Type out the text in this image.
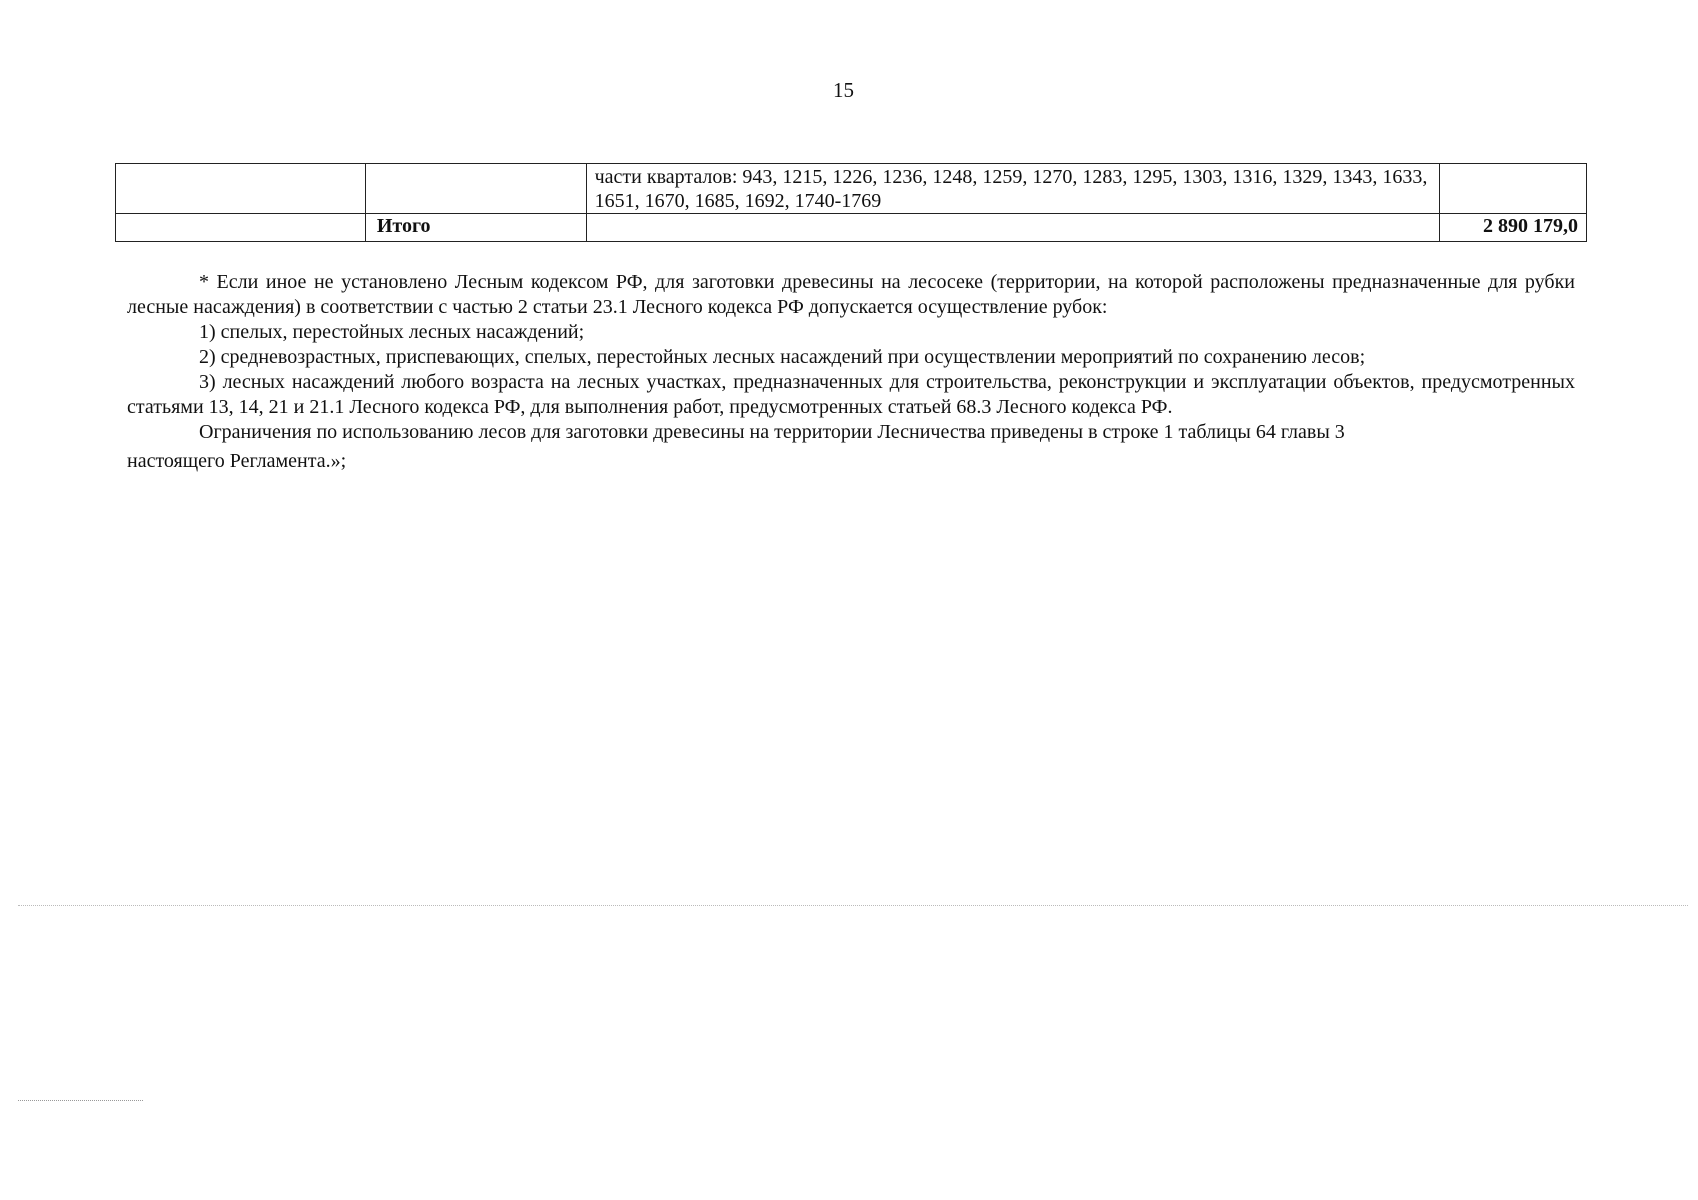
15
		части кварталов: 943, 1215, 1226, 1236, 1248, 1259, 1270, 1283, 1295, 1303, 1316, 1329, 1343, 1633, 1651, 1670, 1685, 1692, 1740-1769	
	Итого		2 890 179,0

* Если иное не установлено Лесным кодексом РФ, для заготовки древесины на лесосеке (территории, на которой расположены предназначенные для рубки лесные насаждения) в соответствии с частью 2 статьи 23.1 Лесного кодекса РФ допускается осуществление рубок:

1) спелых, перестойных лесных насаждений;

2) средневозрастных, приспевающих, спелых, перестойных лесных насаждений при осуществлении мероприятий по сохранению лесов;

3) лесных насаждений любого возраста на лесных участках, предназначенных для строительства, реконструкции и эксплуатации объектов, предусмотренных статьями 13, 14, 21 и 21.1 Лесного кодекса РФ, для выполнения работ, предусмотренных статьей 68.3 Лесного кодекса РФ.

Ограничения по использованию лесов для заготовки древесины на территории Лесничества приведены в строке 1 таблицы 64 главы 3
настоящего Регламента.»;
